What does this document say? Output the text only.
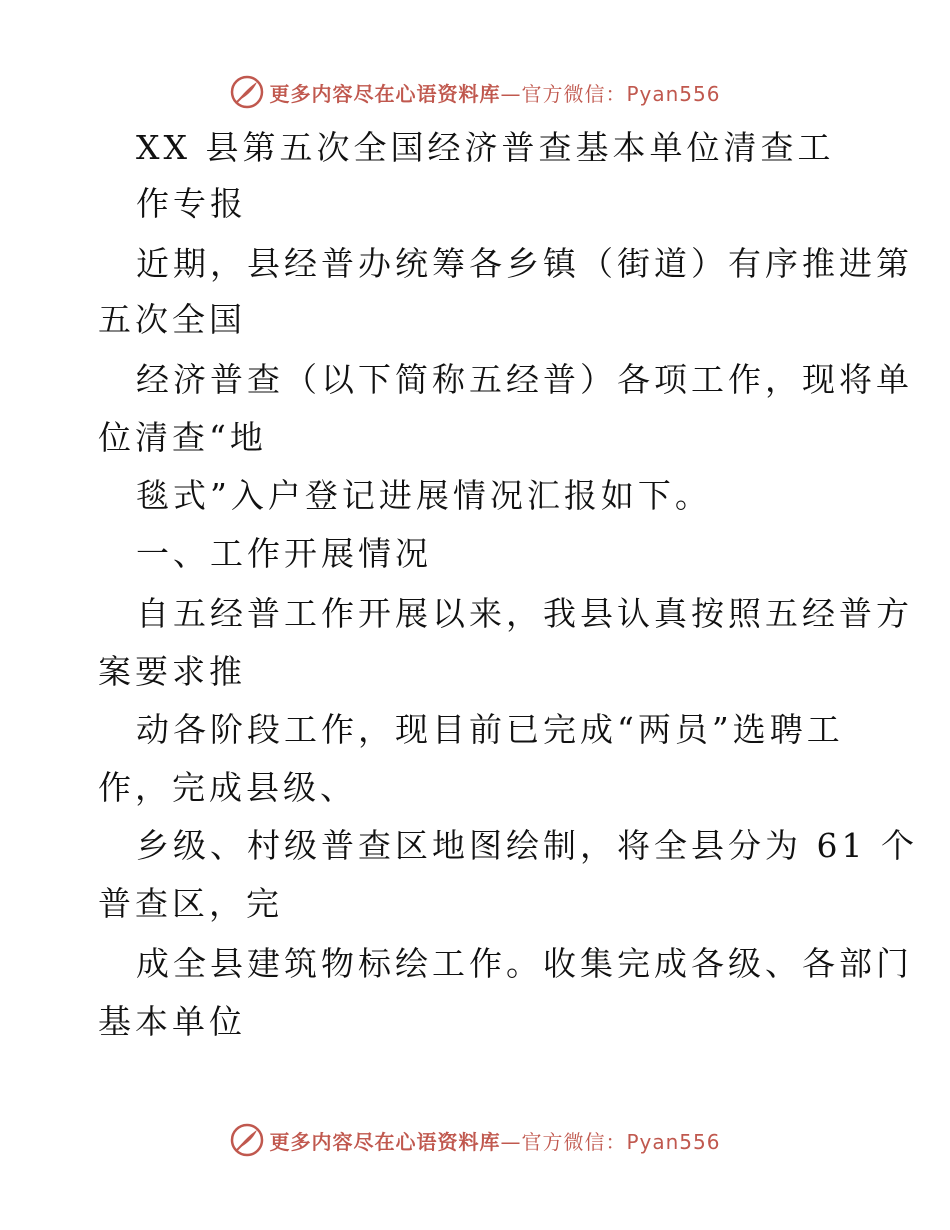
更多内容尽在心语资料库—官方微信：Pyan556
XX 县第五次全国经济普查基本单位清查工
作专报
近期，县经普办统筹各乡镇（街道）有序推进第
五次全国
经济普查（以下简称五经普）各项工作，现将单
位清查“地
毯式”入户登记进展情况汇报如下。
一、工作开展情况
自五经普工作开展以来，我县认真按照五经普方
案要求推
动各阶段工作，现目前已完成“两员”选聘工
作，完成县级、
乡级、村级普查区地图绘制，将全县分为 61 个
普查区，完
成全县建筑物标绘工作。收集完成各级、各部门
基本单位
更多内容尽在心语资料库—官方微信：Pyan556
